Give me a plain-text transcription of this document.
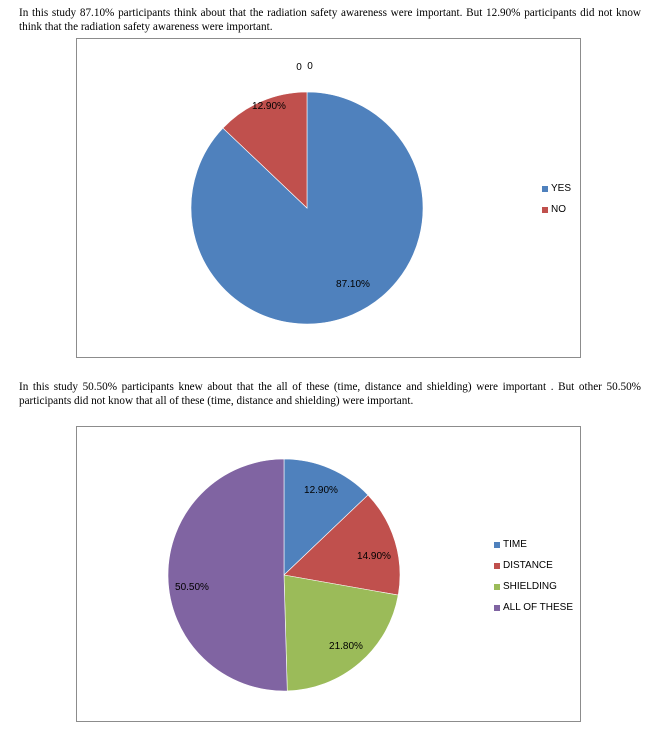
In this study 87.10% participants think about that the radiation safety awareness were important. But 12.90% participants did not know think that the radiation safety awareness were important.

87.10%
12.90%
0 0
YES
NO

In this study 50.50% participants knew about that the all of these (time, distance and shielding) were important . But other 50.50% participants did not know that all of these (time, distance and shielding) were important.

12.90%
14.90%
21.80%
50.50%
TIME
DISTANCE
SHIELDING
ALL OF THESE
